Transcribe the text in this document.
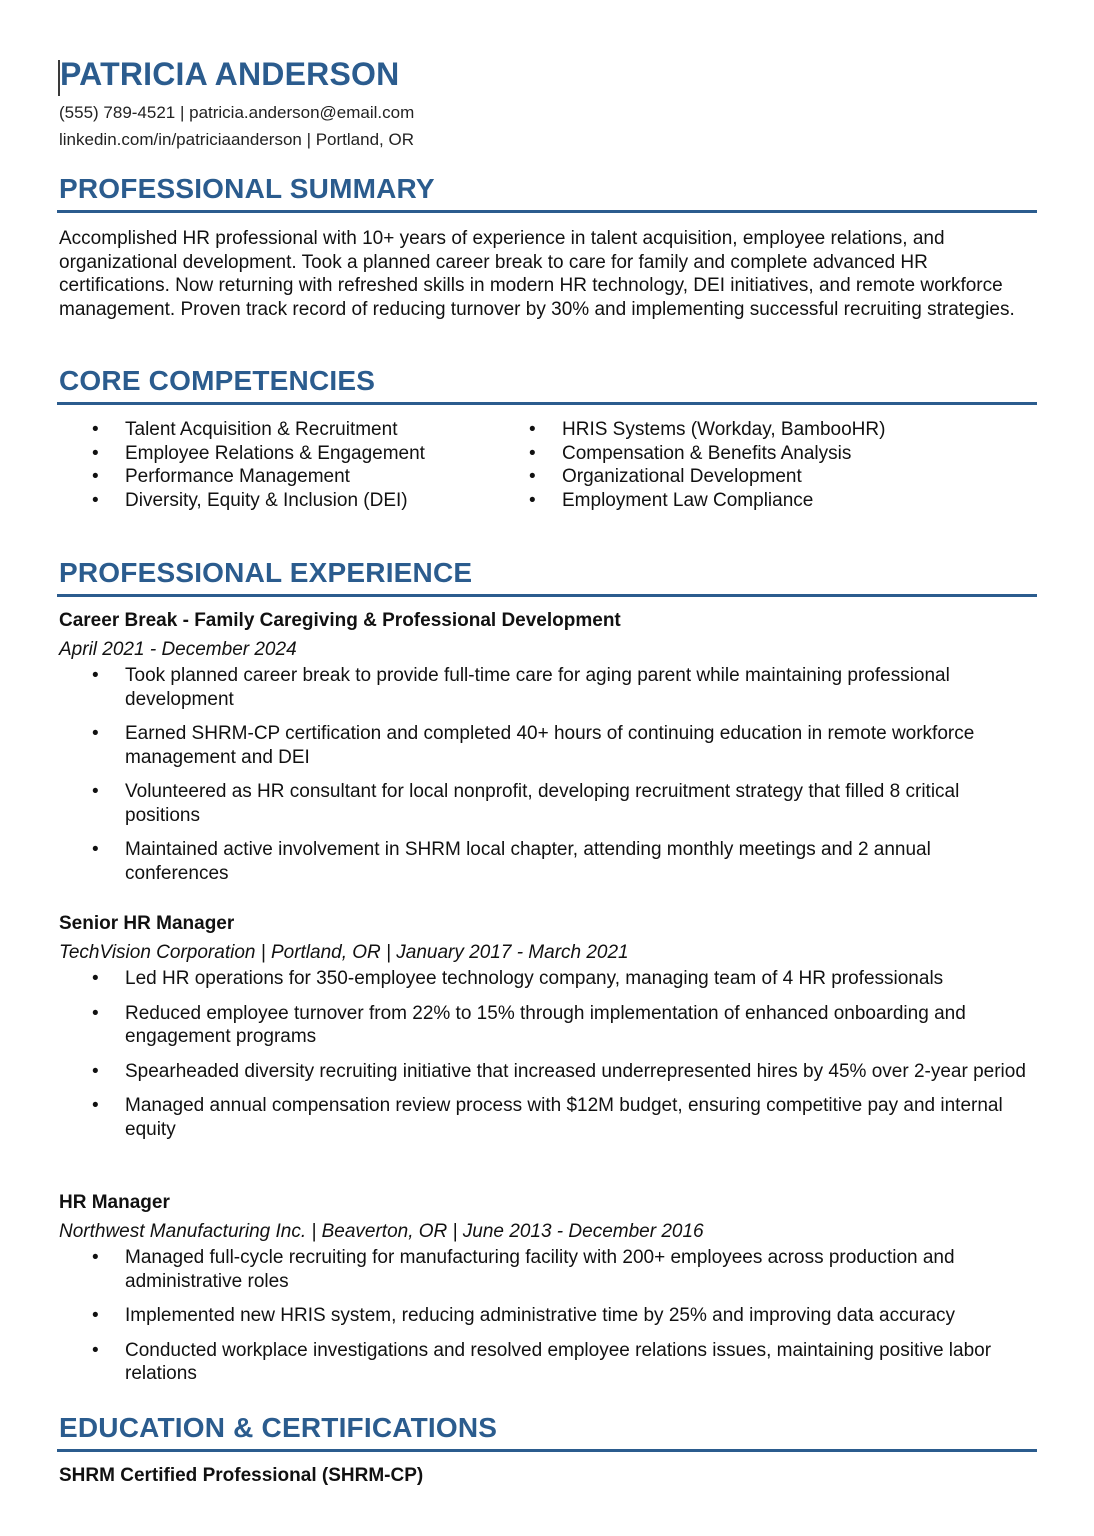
PATRICIA ANDERSON
(555) 789-4521 | patricia.anderson@email.com
linkedin.com/in/patriciaanderson | Portland, OR
PROFESSIONAL SUMMARY
Accomplished HR professional with 10+ years of experience in talent acquisition, employee relations, and organizational development. Took a planned career break to care for family and complete advanced HR certifications. Now returning with refreshed skills in modern HR technology, DEI initiatives, and remote workforce management. Proven track record of reducing turnover by 30% and implementing successful recruiting strategies.
CORE COMPETENCIES
• Talent Acquisition & Recruitment
• Employee Relations & Engagement
• Performance Management
• Diversity, Equity & Inclusion (DEI)
• HRIS Systems (Workday, BambooHR)
• Compensation & Benefits Analysis
• Organizational Development
• Employment Law Compliance
PROFESSIONAL EXPERIENCE
Career Break - Family Caregiving & Professional Development
April 2021 - December 2024
• Took planned career break to provide full-time care for aging parent while maintaining professional development
• Earned SHRM-CP certification and completed 40+ hours of continuing education in remote workforce management and DEI
• Volunteered as HR consultant for local nonprofit, developing recruitment strategy that filled 8 critical positions
• Maintained active involvement in SHRM local chapter, attending monthly meetings and 2 annual conferences
Senior HR Manager
TechVision Corporation | Portland, OR | January 2017 - March 2021
• Led HR operations for 350-employee technology company, managing team of 4 HR professionals
• Reduced employee turnover from 22% to 15% through implementation of enhanced onboarding and engagement programs
• Spearheaded diversity recruiting initiative that increased underrepresented hires by 45% over 2-year period
• Managed annual compensation review process with $12M budget, ensuring competitive pay and internal equity
HR Manager
Northwest Manufacturing Inc. | Beaverton, OR | June 2013 - December 2016
• Managed full-cycle recruiting for manufacturing facility with 200+ employees across production and administrative roles
• Implemented new HRIS system, reducing administrative time by 25% and improving data accuracy
• Conducted workplace investigations and resolved employee relations issues, maintaining positive labor relations
EDUCATION & CERTIFICATIONS
SHRM Certified Professional (SHRM-CP)
